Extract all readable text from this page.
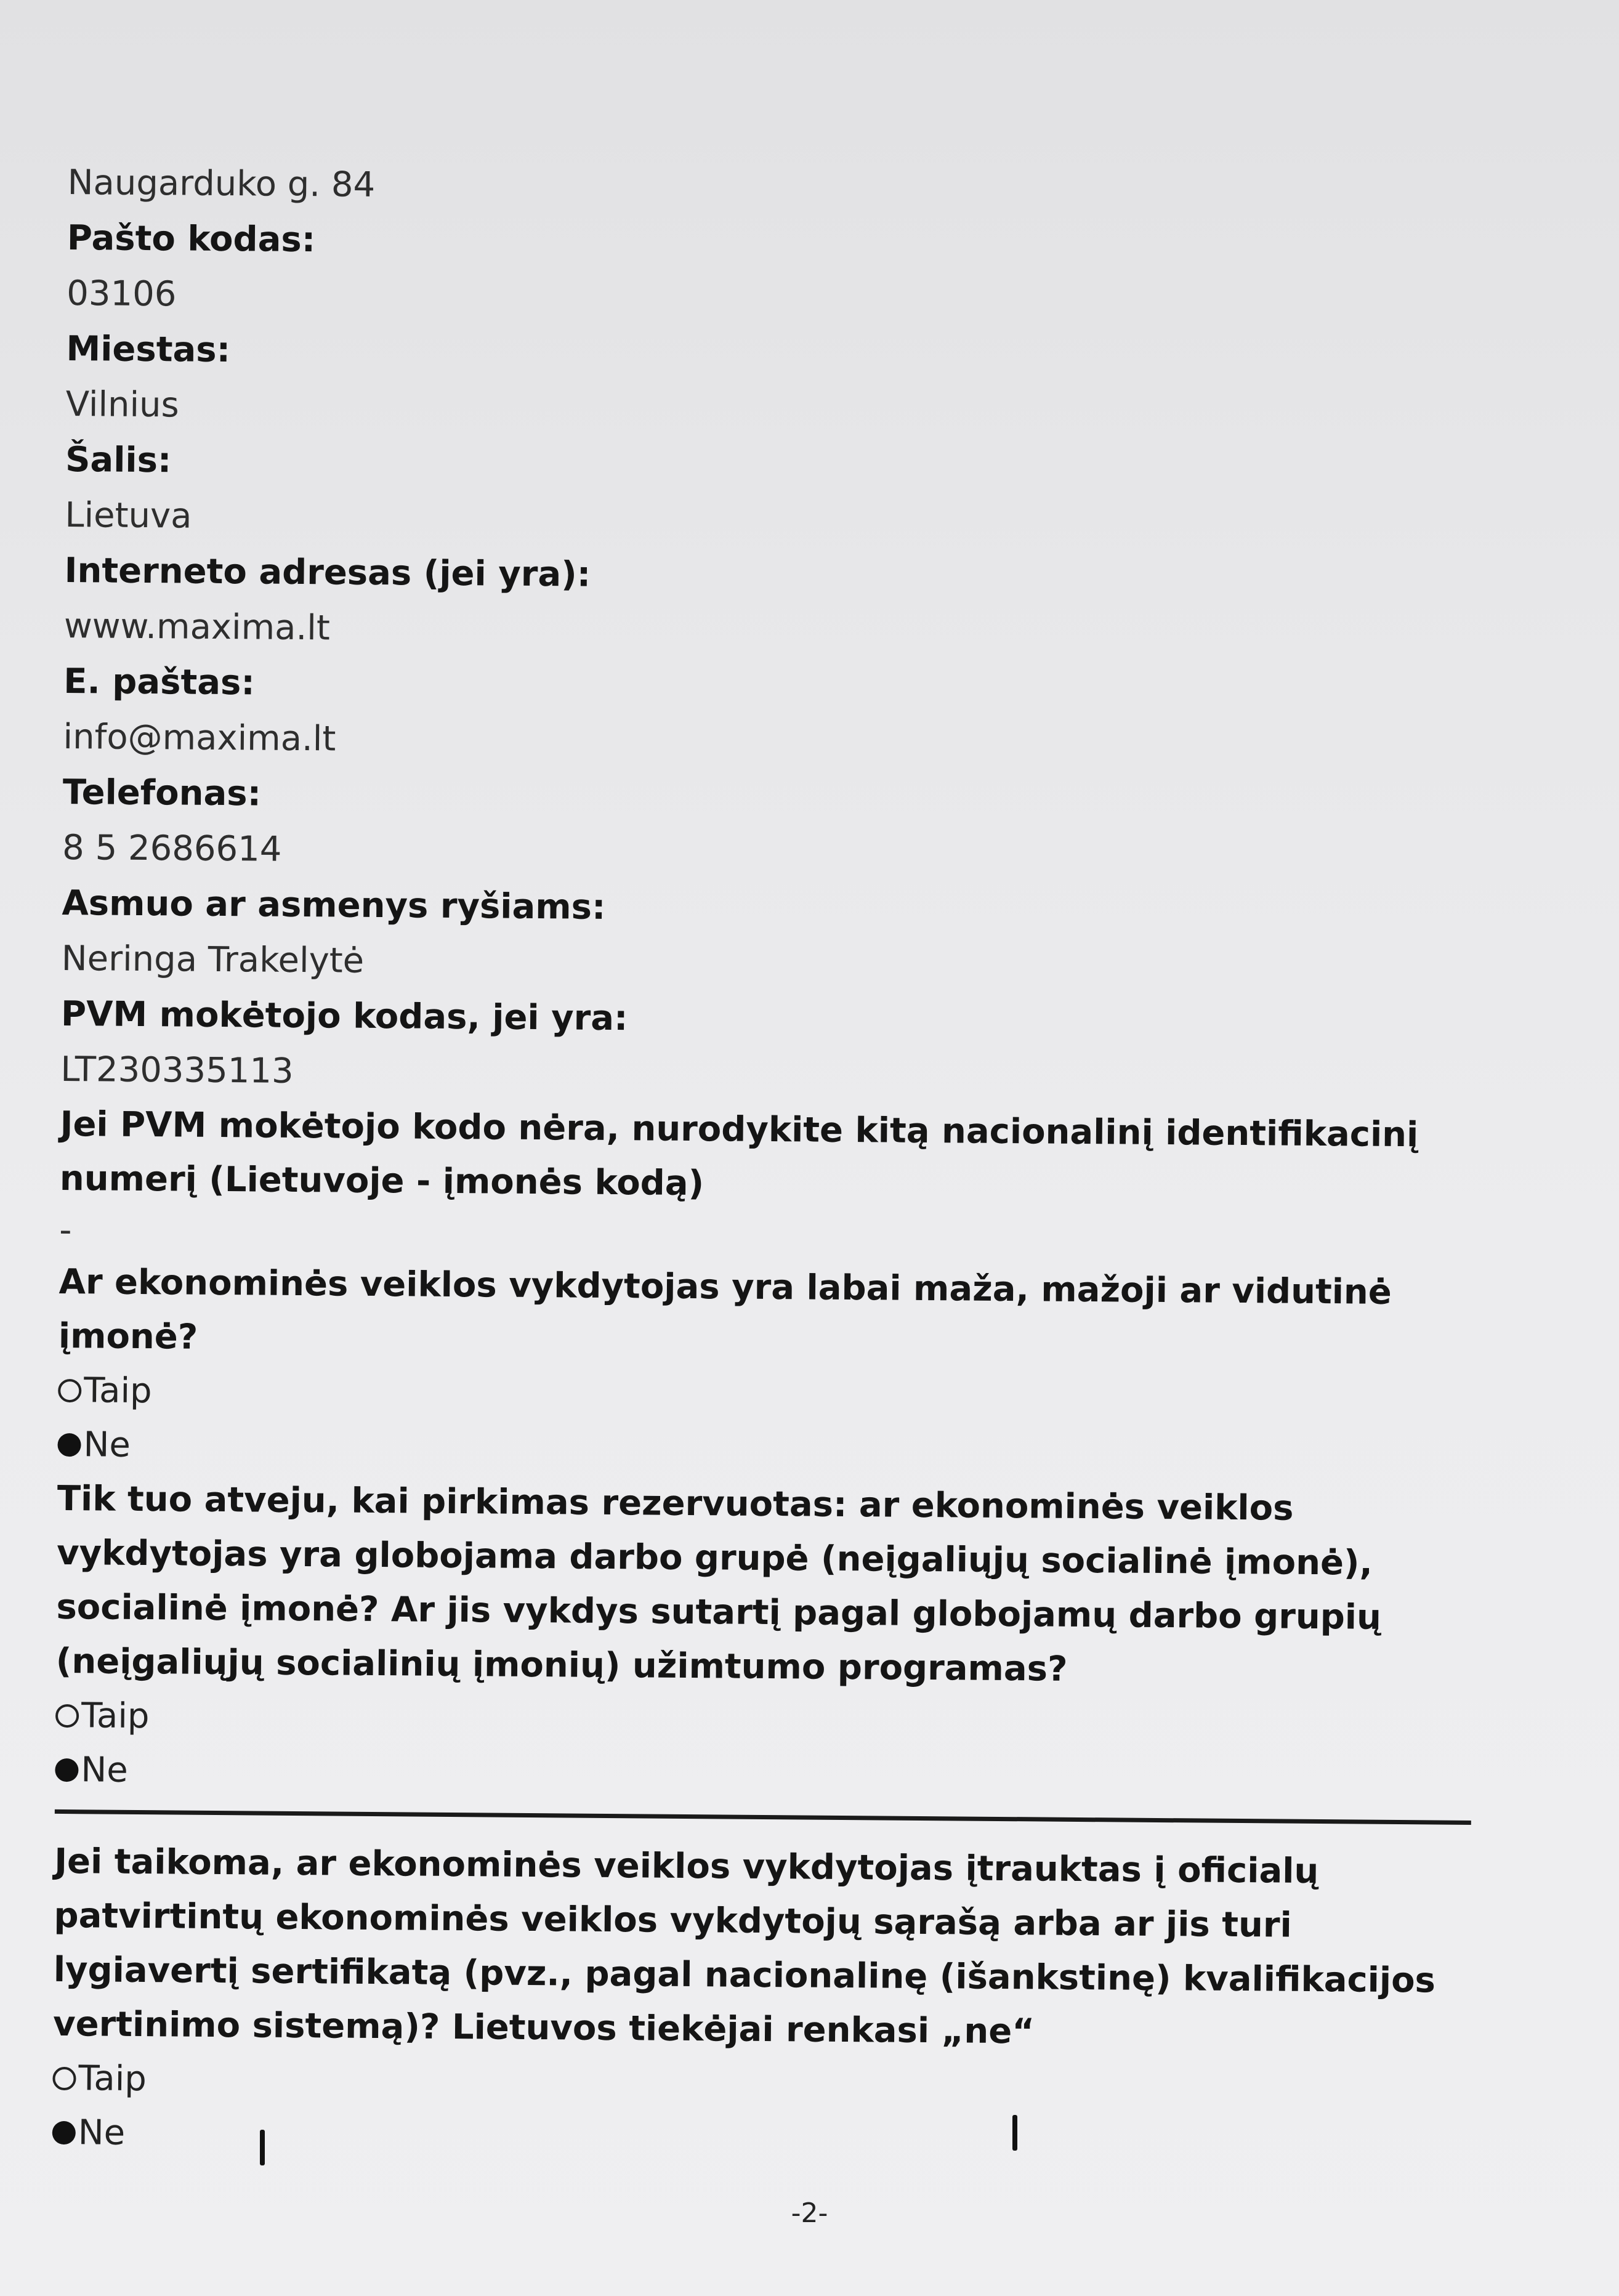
Naugarduko g. 84
Pašto kodas:
03106
Miestas:
Vilnius
Šalis:
Lietuva
Interneto adresas (jei yra):
www.maxima.lt
E. paštas:
info@maxima.lt
Telefonas:
8 5 2686614
Asmuo ar asmenys ryšiams:
Neringa Trakelytė
PVM mokėtojo kodas, jei yra:
LT230335113
Jei PVM mokėtojo kodo nėra, nurodykite kitą nacionalinį identifikacinį numerį (Lietuvoje - įmonės kodą)
-
Ar ekonominės veiklos vykdytojas yra labai maža, mažoji ar vidutinė įmonė?
Taip
Ne
Tik tuo atveju, kai pirkimas rezervuotas: ar ekonominės veiklos vykdytojas yra globojama darbo grupė (neįgaliųjų socialinė įmonė), socialinė įmonė? Ar jis vykdys sutartį pagal globojamų darbo grupių (neįgaliųjų socialinių įmonių) užimtumo programas?
Taip
Ne
Jei taikoma, ar ekonominės veiklos vykdytojas įtrauktas į oficialų patvirtintų ekonominės veiklos vykdytojų sąrašą arba ar jis turi lygiavertį sertifikatą (pvz., pagal nacionalinę (išankstinę) kvalifikacijos vertinimo sistemą)? Lietuvos tiekėjai renkasi „ne“
Taip
Ne
-2-
